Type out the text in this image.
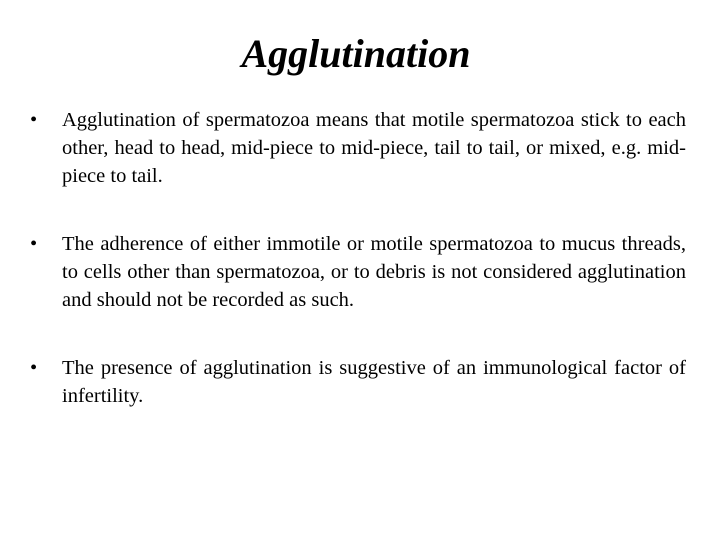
Agglutination
•	Agglutination of spermatozoa means that motile spermatozoa stick to each other, head to head, mid-piece to mid-piece, tail to tail, or mixed, e.g. mid-piece to tail.
•	The adherence of either immotile or motile spermatozoa to mucus threads, to cells other than spermatozoa, or to debris is not considered agglutination and should not be recorded as such.
•	The presence of agglutination is suggestive of an immunological factor of infertility.
